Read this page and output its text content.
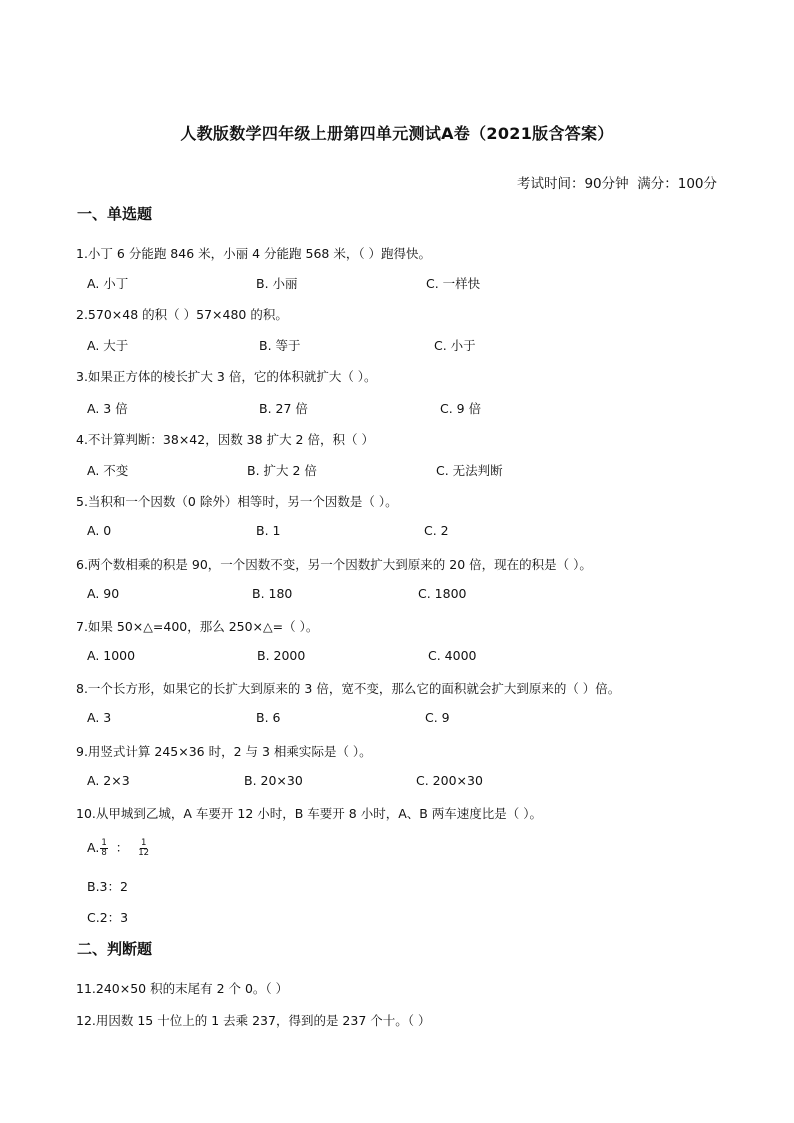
人教版数学四年级上册第四单元测试A卷（2021版含答案）
考试时间：90分钟  满分：100分
一、单选题
1.小丁 6 分能跑 846 米，小丽 4 分能跑 568 米，（ ）跑得快。
A. 小丁	B. 小丽	C. 一样快
2.570×48 的积（ ）57×480 的积。
A. 大于	B. 等于	C. 小于
3.如果正方体的棱长扩大 3 倍，它的体积就扩大（ ）。
A. 3 倍	B. 27 倍	C. 9 倍
4.不计算判断：38×42，因数 38 扩大 2 倍，积（ ）
A. 不变	B. 扩大 2 倍	C. 无法判断
5.当积和一个因数（0 除外）相等时，另一个因数是（ ）。
A. 0	B. 1	C. 2
6.两个数相乘的积是 90，一个因数不变，另一个因数扩大到原来的 20 倍，现在的积是（ ）。
A. 90	B. 180	C. 1800
7.如果 50×△=400，那么 250×△=（ ）。
A. 1000	B. 2000	C. 4000
8.一个长方形，如果它的长扩大到原来的 3 倍，宽不变，那么它的面积就会扩大到原来的（ ）倍。
A. 3	B. 6	C. 9
9.用竖式计算 245×36 时，2 与 3 相乘实际是（ ）。
A. 2×3	B. 20×30	C. 200×30
10.从甲城到乙城，A 车要开 12 小时，B 车要开 8 小时，A、B 两车速度比是（ ）。
A. $\frac{1}{8}$ ： $\frac{1}{12}$
B.3：2
C.2：3
二、判断题
11.240×50 积的末尾有 2 个 0。（ ）
12.用因数 15 十位上的 1 去乘 237，得到的是 237 个十。（ ）
